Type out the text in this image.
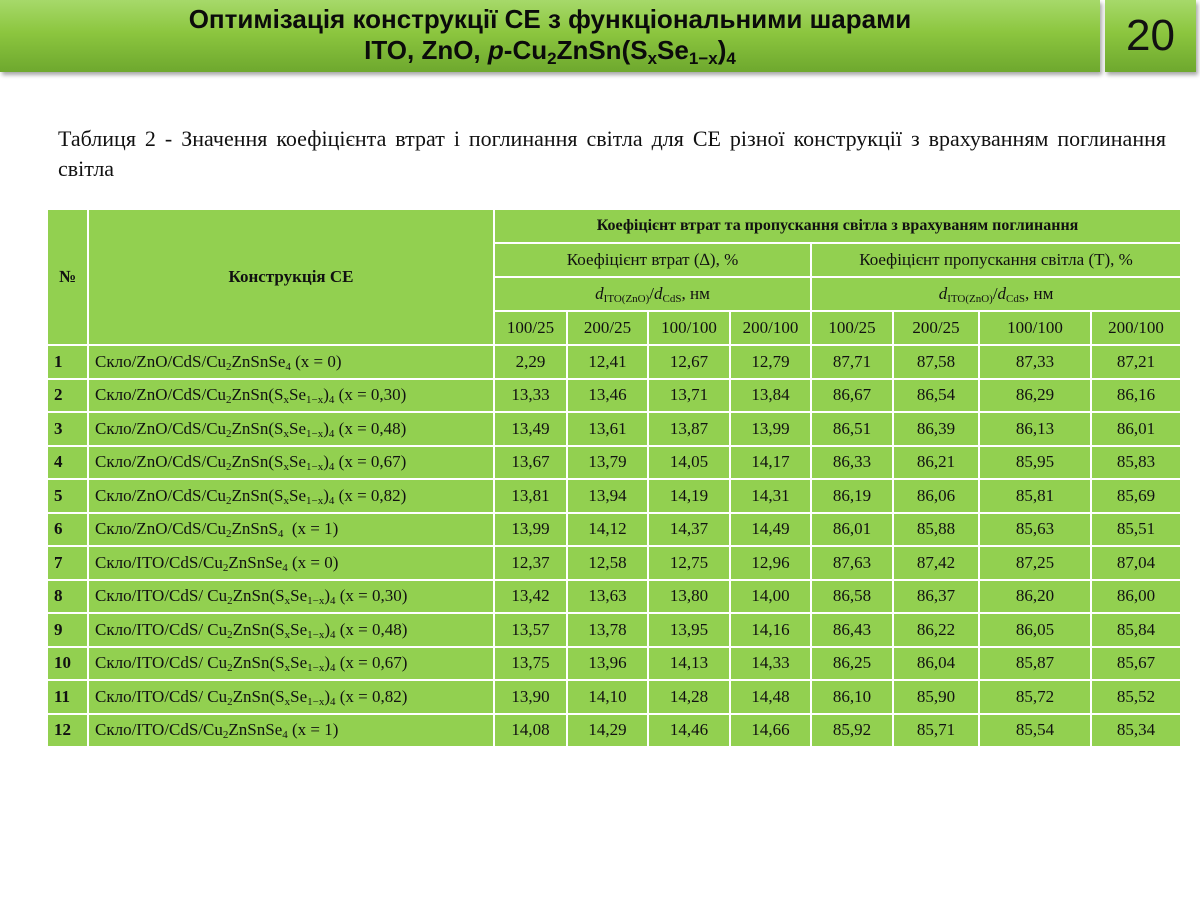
Оптимізація конструкції СЕ з функціональними шарами
ITO, ZnO, $p-Cu_2ZnSn(S_xSe_{1-x})_4$	20
Таблиця 2 - Значення коефіцієнта втрат і поглинання світла для СЕ різної конструкції з врахуванням поглинання світла
№	Конструкція СЕ	Коефіцієнт втрат та пропускання світла з врахуваням поглинання							
		Коефіцієнт втрат (∆), %				Коефіцієнт пропускання світла (T), %			
		$d_{ITO(ZnO)}/d_{CdS}$, нм				$d_{ITO(ZnO)}/d_{CdS}$, нм			
		100/25	200/25	100/100	200/100	100/25	200/25	100/100	200/100
1	Скло/$ZnO/CdS/Cu_2ZnSnSe_4$ (x = 0)	2,29	12,41	12,67	12,79	87,71	87,58	87,33	87,21
2	Скло/$ZnO/CdS/Cu_2ZnSn(S_xSe_{1-x})_4$ (x = 0,30)	13,33	13,46	13,71	13,84	86,67	86,54	86,29	86,16
3	Скло/$ZnO/CdS/Cu_2ZnSn(S_xSe_{1-x})_4$ (x = 0,48)	13,49	13,61	13,87	13,99	86,51	86,39	86,13	86,01
4	Скло/$ZnO/CdS/Cu_2ZnSn(S_xSe_{1-x})_4$ (x = 0,67)	13,67	13,79	14,05	14,17	86,33	86,21	85,95	85,83
5	Скло/$ZnO/CdS/Cu_2ZnSn(S_xSe_{1-x})_4$ (x = 0,82)	13,81	13,94	14,19	14,31	86,19	86,06	85,81	85,69
6	Скло/$ZnO/CdS/Cu_2ZnSnS_4$  (x = 1)	13,99	14,12	14,37	14,49	86,01	85,88	85,63	85,51
7	Скло/$ITO/CdS/Cu_2ZnSnSe_4$ (x = 0)	12,37	12,58	12,75	12,96	87,63	87,42	87,25	87,04
8	Скло/ITO/CdS/ $Cu_2ZnSn(S_xSe_{1-x})_4$ (x = 0,30)	13,42	13,63	13,80	14,00	86,58	86,37	86,20	86,00
9	Скло/ITO/CdS/ $Cu_2ZnSn(S_xSe_{1-x})_4$ (x = 0,48)	13,57	13,78	13,95	14,16	86,43	86,22	86,05	85,84
10	Скло/ITO/CdS/ $Cu_2ZnSn(S_xSe_{1-x})_4$ (x = 0,67)	13,75	13,96	14,13	14,33	86,25	86,04	85,87	85,67
11	Скло/ITO/CdS/ $Cu_2ZnSn(S_xSe_{1-x})_4$ (x = 0,82)	13,90	14,10	14,28	14,48	86,10	85,90	85,72	85,52
12	Скло/$ITO/CdS/Cu_2ZnSnSe_4$ (x = 1)	14,08	14,29	14,46	14,66	85,92	85,71	85,54	85,34
